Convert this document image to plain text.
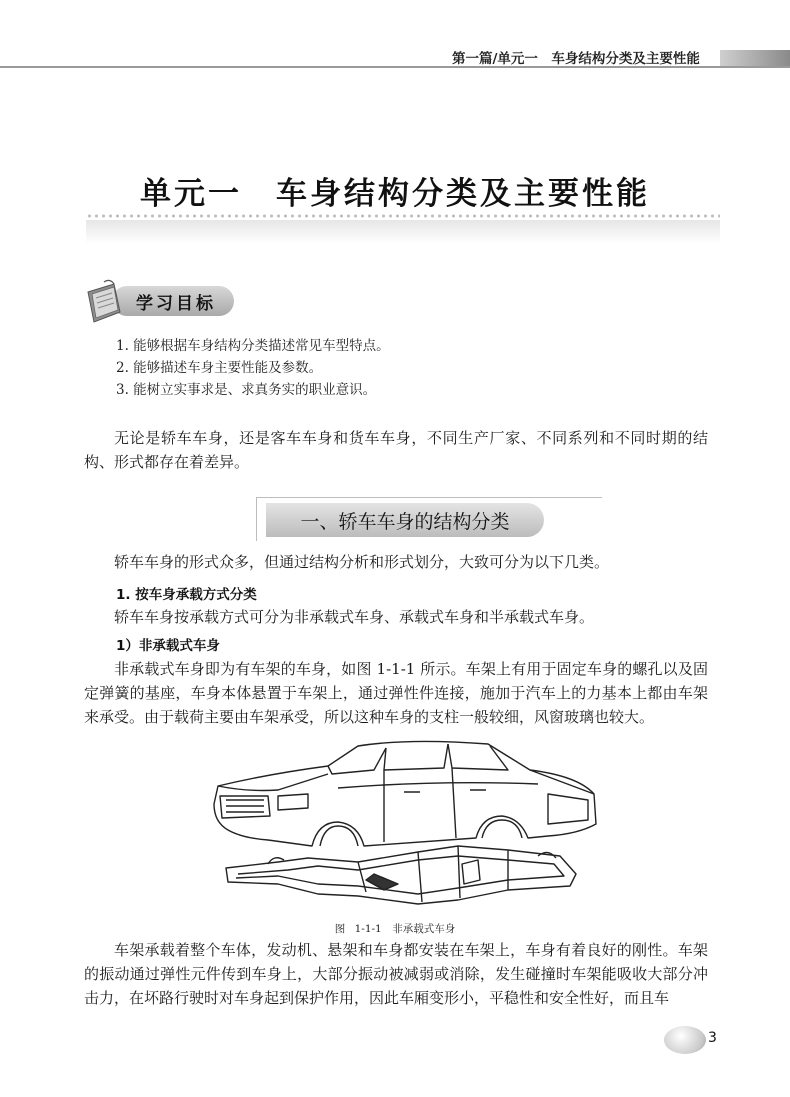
第一篇/单元一　车身结构分类及主要性能
单元一　车身结构分类及主要性能
学习目标
1. 能够根据车身结构分类描述常见车型特点。
2. 能够描述车身主要性能及参数。
3. 能树立实事求是、求真务实的职业意识。

无论是轿车车身，还是客车车身和货车车身，不同生产厂家、不同系列和不同时期的结构、形式都存在着差异。

一、轿车车身的结构分类

轿车车身的形式众多，但通过结构分析和形式划分，大致可分为以下几类。

1. 按车身承载方式分类

轿车车身按承载方式可分为非承载式车身、承载式车身和半承载式车身。

1）非承载式车身

非承载式车身即为有车架的车身，如图 1-1-1 所示。车架上有用于固定车身的螺孔以及固定弹簧的基座，车身本体悬置于车架上，通过弹性件连接，施加于汽车上的力基本上都由车架来承受。由于载荷主要由车架承受，所以这种车身的支柱一般较细，风窗玻璃也较大。

图 1-1-1　非承载式车身

车架承载着整个车体，发动机、悬架和车身都安装在车架上，车身有着良好的刚性。车架的振动通过弹性元件传到车身上，大部分振动被减弱或消除，发生碰撞时车架能吸收大部分冲击力，在坏路行驶时对车身起到保护作用，因此车厢变形小，平稳性和安全性好，而且车

3
